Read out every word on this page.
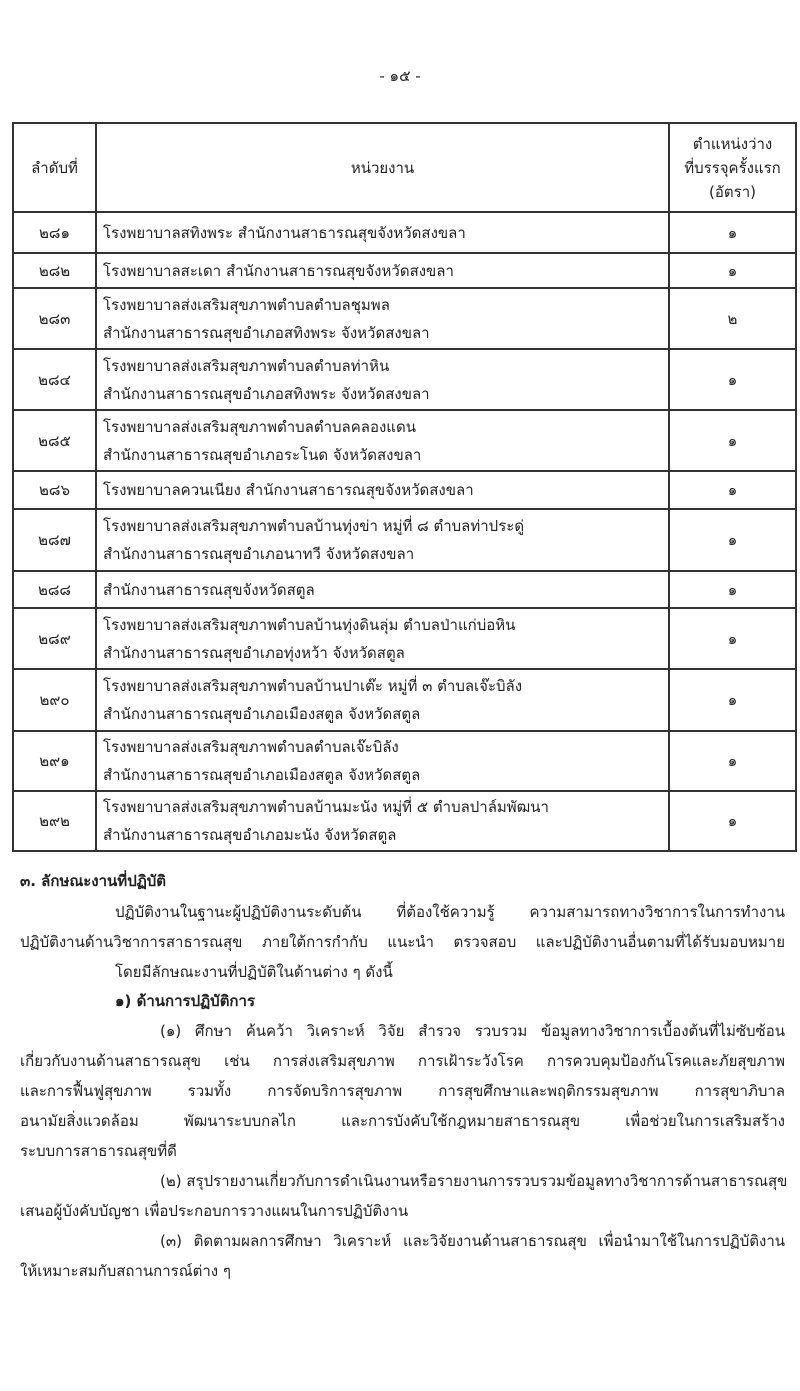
- ๑๕ -
ลำดับที่	หน่วยงาน	ตำแหน่งว่าง
ที่บรรจุครั้งแรก
(อัตรา)

๒๘๑	โรงพยาบาลสทิงพระ สำนักงานสาธารณสุขจังหวัดสงขลา	๑
๒๘๒	โรงพยาบาลสะเดา สำนักงานสาธารณสุขจังหวัดสงขลา	๑
๒๘๓	โรงพยาบาลส่งเสริมสุขภาพตำบลตำบลชุมพล
สำนักงานสาธารณสุขอำเภอสทิงพระ จังหวัดสงขลา	๒
๒๘๔	โรงพยาบาลส่งเสริมสุขภาพตำบลตำบลท่าหิน
สำนักงานสาธารณสุขอำเภอสทิงพระ จังหวัดสงขลา	๑
๒๘๕	โรงพยาบาลส่งเสริมสุขภาพตำบลตำบลคลองแดน
สำนักงานสาธารณสุขอำเภอระโนด จังหวัดสงขลา	๑
๒๘๖	โรงพยาบาลควนเนียง สำนักงานสาธารณสุขจังหวัดสงขลา	๑
๒๘๗	โรงพยาบาลส่งเสริมสุขภาพตำบลบ้านทุ่งข่า หมู่ที่ ๘ ตำบลท่าประดู่
สำนักงานสาธารณสุขอำเภอนาทวี จังหวัดสงขลา	๑
๒๘๘	สำนักงานสาธารณสุขจังหวัดสตูล	๑
๒๘๙	โรงพยาบาลส่งเสริมสุขภาพตำบลบ้านทุ่งดินลุ่ม ตำบลป่าแก่บ่อหิน
สำนักงานสาธารณสุขอำเภอทุ่งหว้า จังหวัดสตูล	๑
๒๙๐	โรงพยาบาลส่งเสริมสุขภาพตำบลบ้านปาเต๊ะ หมู่ที่ ๓ ตำบลเจ๊ะบิลัง
สำนักงานสาธารณสุขอำเภอเมืองสตูล จังหวัดสตูล	๑
๒๙๑	โรงพยาบาลส่งเสริมสุขภาพตำบลตำบลเจ๊ะบิลัง
สำนักงานสาธารณสุขอำเภอเมืองสตูล จังหวัดสตูล	๑
๒๙๒	โรงพยาบาลส่งเสริมสุขภาพตำบลบ้านมะนัง หมู่ที่ ๕ ตำบลปาล์มพัฒนา
สำนักงานสาธารณสุขอำเภอมะนัง จังหวัดสตูล	๑
๓. ลักษณะงานที่ปฏิบัติ
ปฏิบัติงานในฐานะผู้ปฏิบัติงานระดับต้น ที่ต้องใช้ความรู้ ความสามารถทางวิชาการในการทำงาน
ปฏิบัติงานด้านวิชาการสาธารณสุข ภายใต้การกำกับ แนะนำ ตรวจสอบ และปฏิบัติงานอื่นตามที่ได้รับมอบหมาย
โดยมีลักษณะงานที่ปฏิบัติในด้านต่าง ๆ ดังนี้
๑) ด้านการปฏิบัติการ
(๑) ศึกษา ค้นคว้า วิเคราะห์ วิจัย สำรวจ รวบรวม ข้อมูลทางวิชาการเบื้องต้นที่ไม่ซับซ้อน
เกี่ยวกับงานด้านสาธารณสุข เช่น การส่งเสริมสุขภาพ การเฝ้าระวังโรค การควบคุมป้องกันโรคและภัยสุขภาพ
และการฟื้นฟูสุขภาพ รวมทั้ง การจัดบริการสุขภาพ การสุขศึกษาและพฤติกรรมสุขภาพ การสุขาภิบาล
อนามัยสิ่งแวดล้อม พัฒนาระบบกลไก และการบังคับใช้กฎหมายสาธารณสุข เพื่อช่วยในการเสริมสร้าง
ระบบการสาธารณสุขที่ดี
(๒) สรุปรายงานเกี่ยวกับการดำเนินงานหรือรายงานการรวบรวมข้อมูลทางวิชาการด้านสาธารณสุข
เสนอผู้บังคับบัญชา เพื่อประกอบการวางแผนในการปฏิบัติงาน
(๓) ติดตามผลการศึกษา วิเคราะห์ และวิจัยงานด้านสาธารณสุข เพื่อนำมาใช้ในการปฏิบัติงาน
ให้เหมาะสมกับสถานการณ์ต่าง ๆ
